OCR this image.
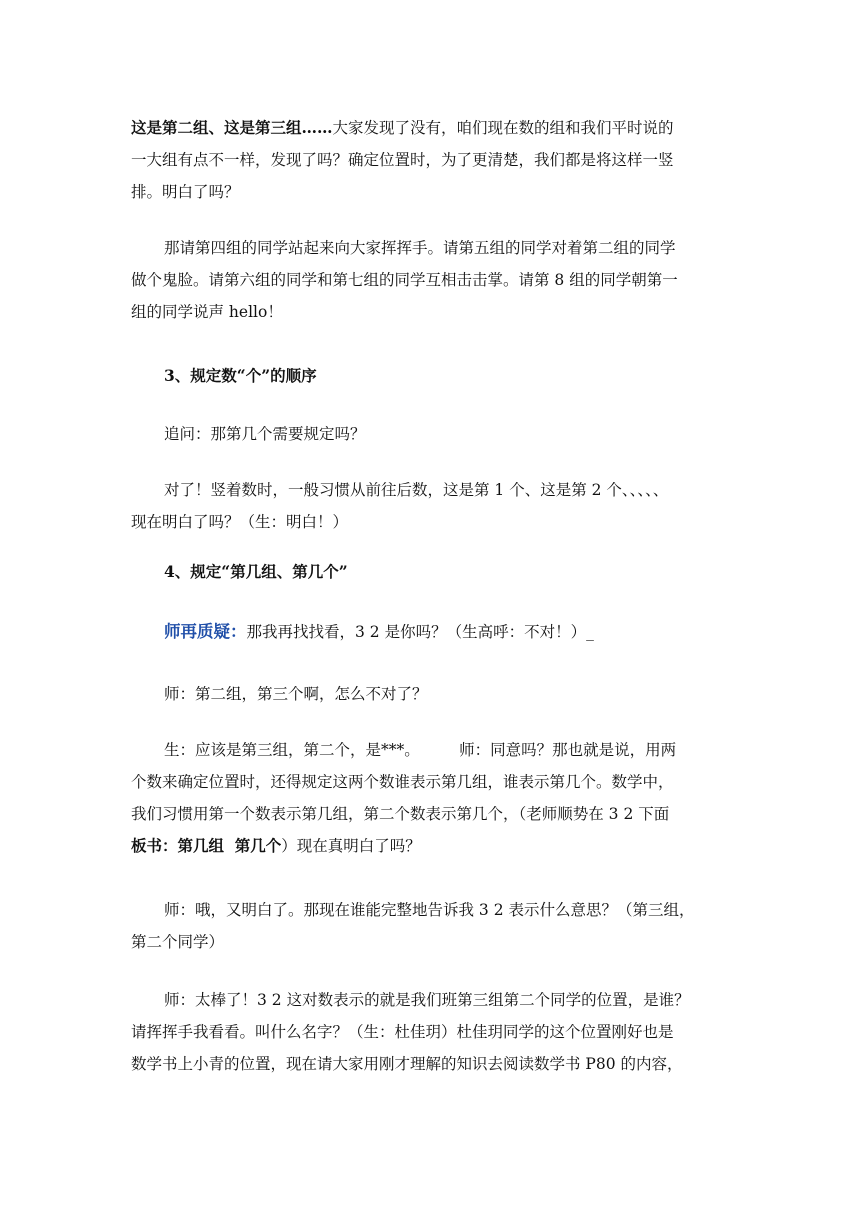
这是第二组、这是第三组……大家发现了没有，咱们现在数的组和我们平时说的
一大组有点不一样，发现了吗？确定位置时，为了更清楚，我们都是将这样一竖
排。明白了吗？
那请第四组的同学站起来向大家挥挥手。请第五组的同学对着第二组的同学
做个鬼脸。请第六组的同学和第七组的同学互相击击掌。请第 8 组的同学朝第一
组的同学说声 hello！
3、规定数“个”的顺序
追问：那第几个需要规定吗？
对了！竖着数时，一般习惯从前往后数，这是第 1 个、这是第 2 个、、、、、
现在明白了吗？（生：明白！）
4、规定“第几组、第几个”
师再质疑：那我再找找看，3 2 是你吗？（生高呼：不对！）_
师：第二组，第三个啊，怎么不对了？
生：应该是第三组，第二个，是***。        师：同意吗？那也就是说，用两
个数来确定位置时，还得规定这两个数谁表示第几组，谁表示第几个。数学中，
我们习惯用第一个数表示第几组，第二个数表示第几个，（老师顺势在 3 2 下面
板书：第几组  第几个）现在真明白了吗？
师：哦，又明白了。那现在谁能完整地告诉我 3 2 表示什么意思？（第三组，
第二个同学）
师：太棒了！3 2 这对数表示的就是我们班第三组第二个同学的位置，是谁？
请挥挥手我看看。叫什么名字？（生：杜佳玥）杜佳玥同学的这个位置刚好也是
数学书上小青的位置，现在请大家用刚才理解的知识去阅读数学书 P80 的内容，
